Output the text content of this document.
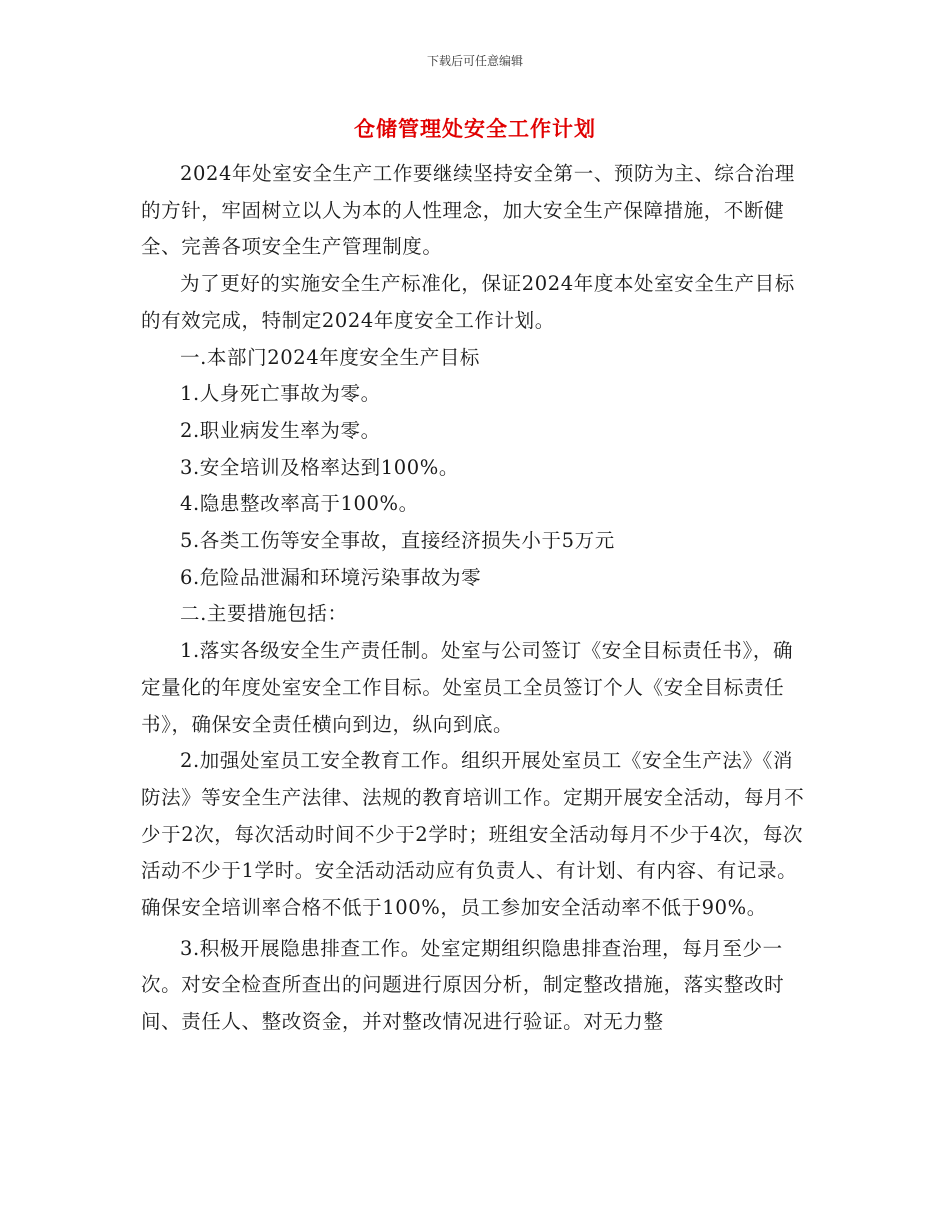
下载后可任意编辑
仓储管理处安全工作计划

2024年处室安全生产工作要继续坚持安全第一、预防为主、综合治理的方针，牢固树立以人为本的人性理念，加大安全生产保障措施，不断健全、完善各项安全生产管理制度。

为了更好的实施安全生产标准化，保证2024年度本处室安全生产目标的有效完成，特制定2024年度安全工作计划。

一.本部门2024年度安全生产目标

1.人身死亡事故为零。

2.职业病发生率为零。

3.安全培训及格率达到100%。

4.隐患整改率高于100%。

5.各类工伤等安全事故，直接经济损失小于5万元

6.危险品泄漏和环境污染事故为零

二.主要措施包括：

1.落实各级安全生产责任制。处室与公司签订《安全目标责任书》，确定量化的年度处室安全工作目标。处室员工全员签订个人《安全目标责任书》，确保安全责任横向到边，纵向到底。

2.加强处室员工安全教育工作。组织开展处室员工《安全生产法》《消防法》等安全生产法律、法规的教育培训工作。定期开展安全活动，每月不少于2次，每次活动时间不少于2学时；班组安全活动每月不少于4次，每次活动不少于1学时。安全活动活动应有负责人、有计划、有内容、有记录。确保安全培训率合格不低于100%，员工参加安全活动率不低于90%。

3.积极开展隐患排查工作。处室定期组织隐患排查治理，每月至少一次。对安全检查所查出的问题进行原因分析，制定整改措施，落实整改时间、责任人、整改资金，并对整改情况进行验证。对无力整
